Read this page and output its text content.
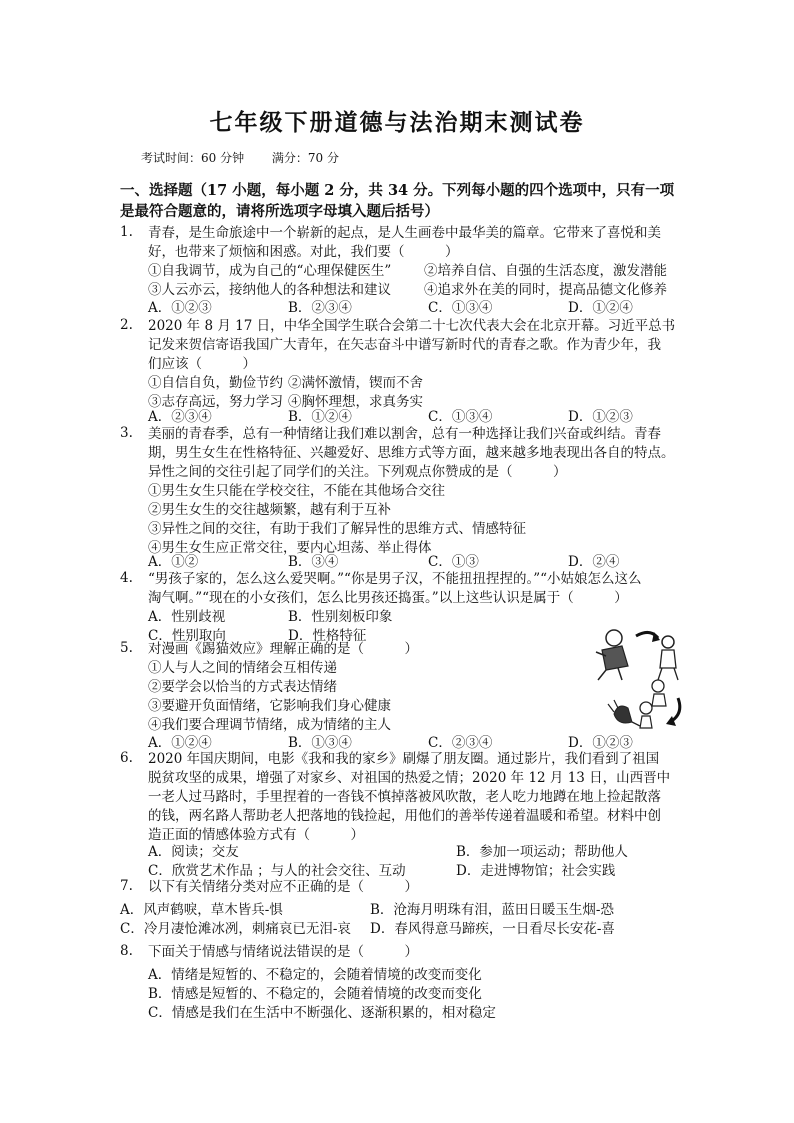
七年级下册道德与法治期末测试卷
考试时间：60 分钟 满分：70 分
一、选择题（17 小题，每小题 2 分，共 34 分。下列每小题的四个选项中，只有一项是最符合题意的，请将所选项字母填入题后括号）
1. 青春，是生命旅途中一个崭新的起点，是人生画卷中最华美的篇章。它带来了喜悦和美
好，也带来了烦恼和困惑。对此，我们要（　　　）
①自我调节，成为自己的“心理保健医生” ②培养自信、自强的生活态度，激发潜能
③人云亦云，接纳他人的各种想法和建议 ④追求外在美的同时，提高品德文化修养
A．①②③	B．②③④	C．①③④	D．①②④
2. 2020 年 8 月 17 日，中华全国学生联合会第二十七次代表大会在北京开幕。习近平总书
记发来贺信寄语我国广大青年，在矢志奋斗中谱写新时代的青春之歌。作为青少年，我
们应该（　　　）
①自信自负，勤俭节约 ②满怀激情，锲而不舍
③志存高远，努力学习 ④胸怀理想，求真务实
A．②③④	B．①②④	C．①③④	D．①②③
3. 美丽的青春季，总有一种情绪让我们难以割舍，总有一种选择让我们兴奋或纠结。青春
期，男生女生在性格特征、兴趣爱好、思维方式等方面，越来越多地表现出各自的特点。
异性之间的交往引起了同学们的关注。下列观点你赞成的是（　　　）
①男生女生只能在学校交往，不能在其他场合交往
②男生女生的交往越频繁，越有利于互补
③异性之间的交往，有助于我们了解异性的思维方式、情感特征
④男生女生应正常交往，要内心坦荡、举止得体
A．①②	B．③④	C．①③	D．②④
4. “男孩子家的，怎么这么爱哭啊。”“你是男子汉，不能扭扭捏捏的。”“小姑娘怎么这么
淘气啊。”“现在的小女孩们，怎么比男孩还捣蛋。”以上这些认识是属于（　　　）
A．性别歧视	B．性别刻板印象
C．性别取向	D．性格特征
5. 对漫画《踢猫效应》理解正确的是（　　　）
①人与人之间的情绪会互相传递
②要学会以恰当的方式表达情绪
③要避开负面情绪，它影响我们身心健康
④我们要合理调节情绪，成为情绪的主人
A．①②④	B．①③④	C．②③④	D．①②③
6. 2020 年国庆期间，电影《我和我的家乡》刷爆了朋友圈。通过影片，我们看到了祖国
脱贫攻坚的成果，增强了对家乡、对祖国的热爱之情；2020 年 12 月 13 日，山西晋中
一老人过马路时，手里捏着的一沓钱不慎掉落被风吹散，老人吃力地蹲在地上捡起散落
的钱，两名路人帮助老人把落地的钱捡起，用他们的善举传递着温暖和希望。材料中创
造正面的情感体验方式有（　　　）
A．阅读；交友	B．参加一项运动；帮助他人
C．欣赏艺术作品 ；与人的社会交往、互动	D．走进博物馆；社会实践
7. 以下有关情绪分类对应不正确的是（　　　）
A．风声鹤唳，草木皆兵-惧	B．沧海月明珠有泪，蓝田日暖玉生烟-恐
C．冷月凄怆滩冰冽，刺痛哀已无泪-哀 D．春风得意马蹄疾，一日看尽长安花-喜
8. 下面关于情感与情绪说法错误的是（　　　）
A．情绪是短暂的、不稳定的，会随着情境的改变而变化
B．情感是短暂的、不稳定的，会随着情境的改变而变化
C．情感是我们在生活中不断强化、逐渐积累的，相对稳定
